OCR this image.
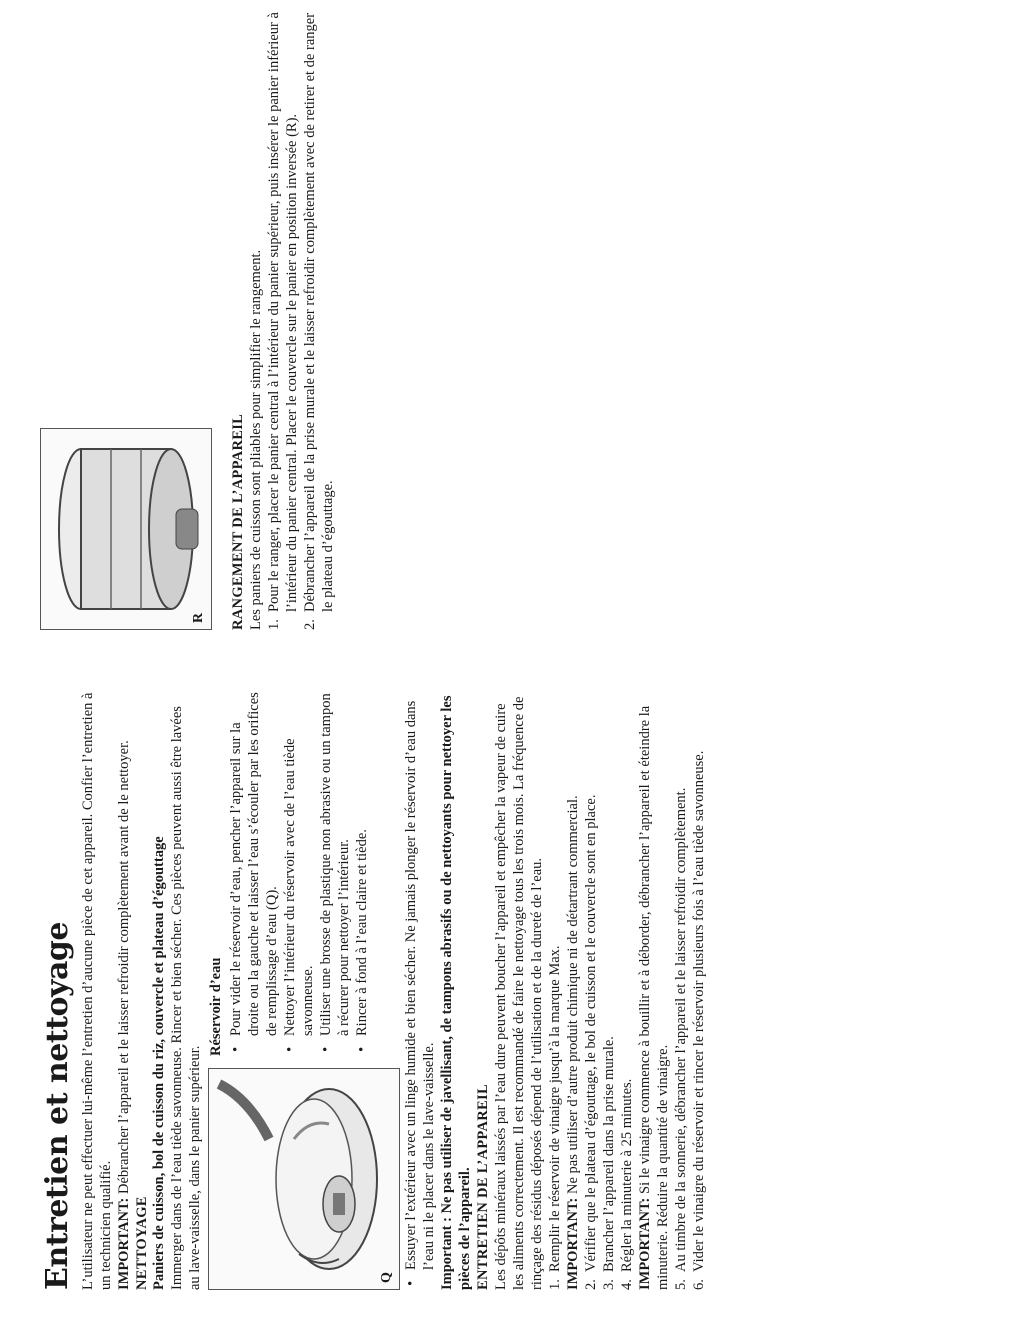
Entretien et nettoyage L’utilisateur ne peut effectuer lui-même l’entretien d’aucune pièce de cet appareil. Confier l’entretien à un technicien qualifié. IMPORTANT: Débrancher l’appareil et le laisser refroidir complètement avant de le nettoyer.

NETTOYAGE Paniers de cuisson, bol de cuisson du riz, couvercle et plateau d’égouttage Immerger dans de l’eau tiède savonneuse. Rincer et bien sécher. Ces pièces peuvent aussi être lavées au lave-vaisselle, dans le panier supérieur.	Q
Réservoir d’eau • Pour vider le réservoir d’eau, pencher l’appareil sur la droite ou la gauche et laisser l’eau s’écouler par les orifices de remplissage d’eau (Q). • Nettoyer l’intérieur du réservoir avec de l’eau tiède savonneuse. • Utiliser une brosse de plastique non abrasive ou un tampon à récurer pour nettoyer l’intérieur. • Rincer à fond à l’eau claire et tiède. • Essuyer l’extérieur avec un linge humide et bien sécher. Ne jamais plonger le réservoir d’eau dans l’eau ni le placer dans le lave-vaisselle. Important : Ne pas utiliser de javellisant, de tampons abrasifs ou de nettoyants pour nettoyer les pièces de l’appareil. ENTRETIEN DE L’APPAREIL Les dépôts minéraux laissés par l’eau dure peuvent boucher l’appareil et empêcher la vapeur de cuire les aliments correctement. Il est recommandé de faire le nettoyage tous les trois mois. La fréquence de rinçage des résidus déposés dépend de l’utilisation et de la dureté de l’eau. 1.
Remplir le réservoir de vinaigre jusqu’à la marque Max. IMPORTANT: Ne pas utiliser d’autre produit chimique ni de détartrant commercial.

2.
Vérifier que le plateau d’égouttage, le bol de cuisson et le couvercle sont en place.
3.
Brancher l’appareil dans la prise murale.
4.
Régler la minuterie à 25 minutes. IMPORTANT: Si le vinaigre commence à bouillir et à déborder, débrancher l’appareil et éteindre la minuterie. Réduire la quantité de vinaigre. 5.
Au timbre de la sonnerie, débrancher l’appareil et le laisser refroidir complètement.
6.
Vider le vinaigre du réservoir et rincer le réservoir plusieurs fois à l’eau tiède savonneuse.
R RANGEMENT DE L’APPAREIL Les paniers de cuisson sont pliables pour simplifier le rangement. 1.
Pour le ranger, placer le panier central à l’intérieur du panier supérieur, puis insérer le panier inférieur à l’intérieur du panier central. Placer le couvercle sur le panier en position inversée (R).
2.
Débrancher l’appareil de la prise murale et le laisser refroidir complètement avec de retirer et de ranger le plateau d’égouttage.
